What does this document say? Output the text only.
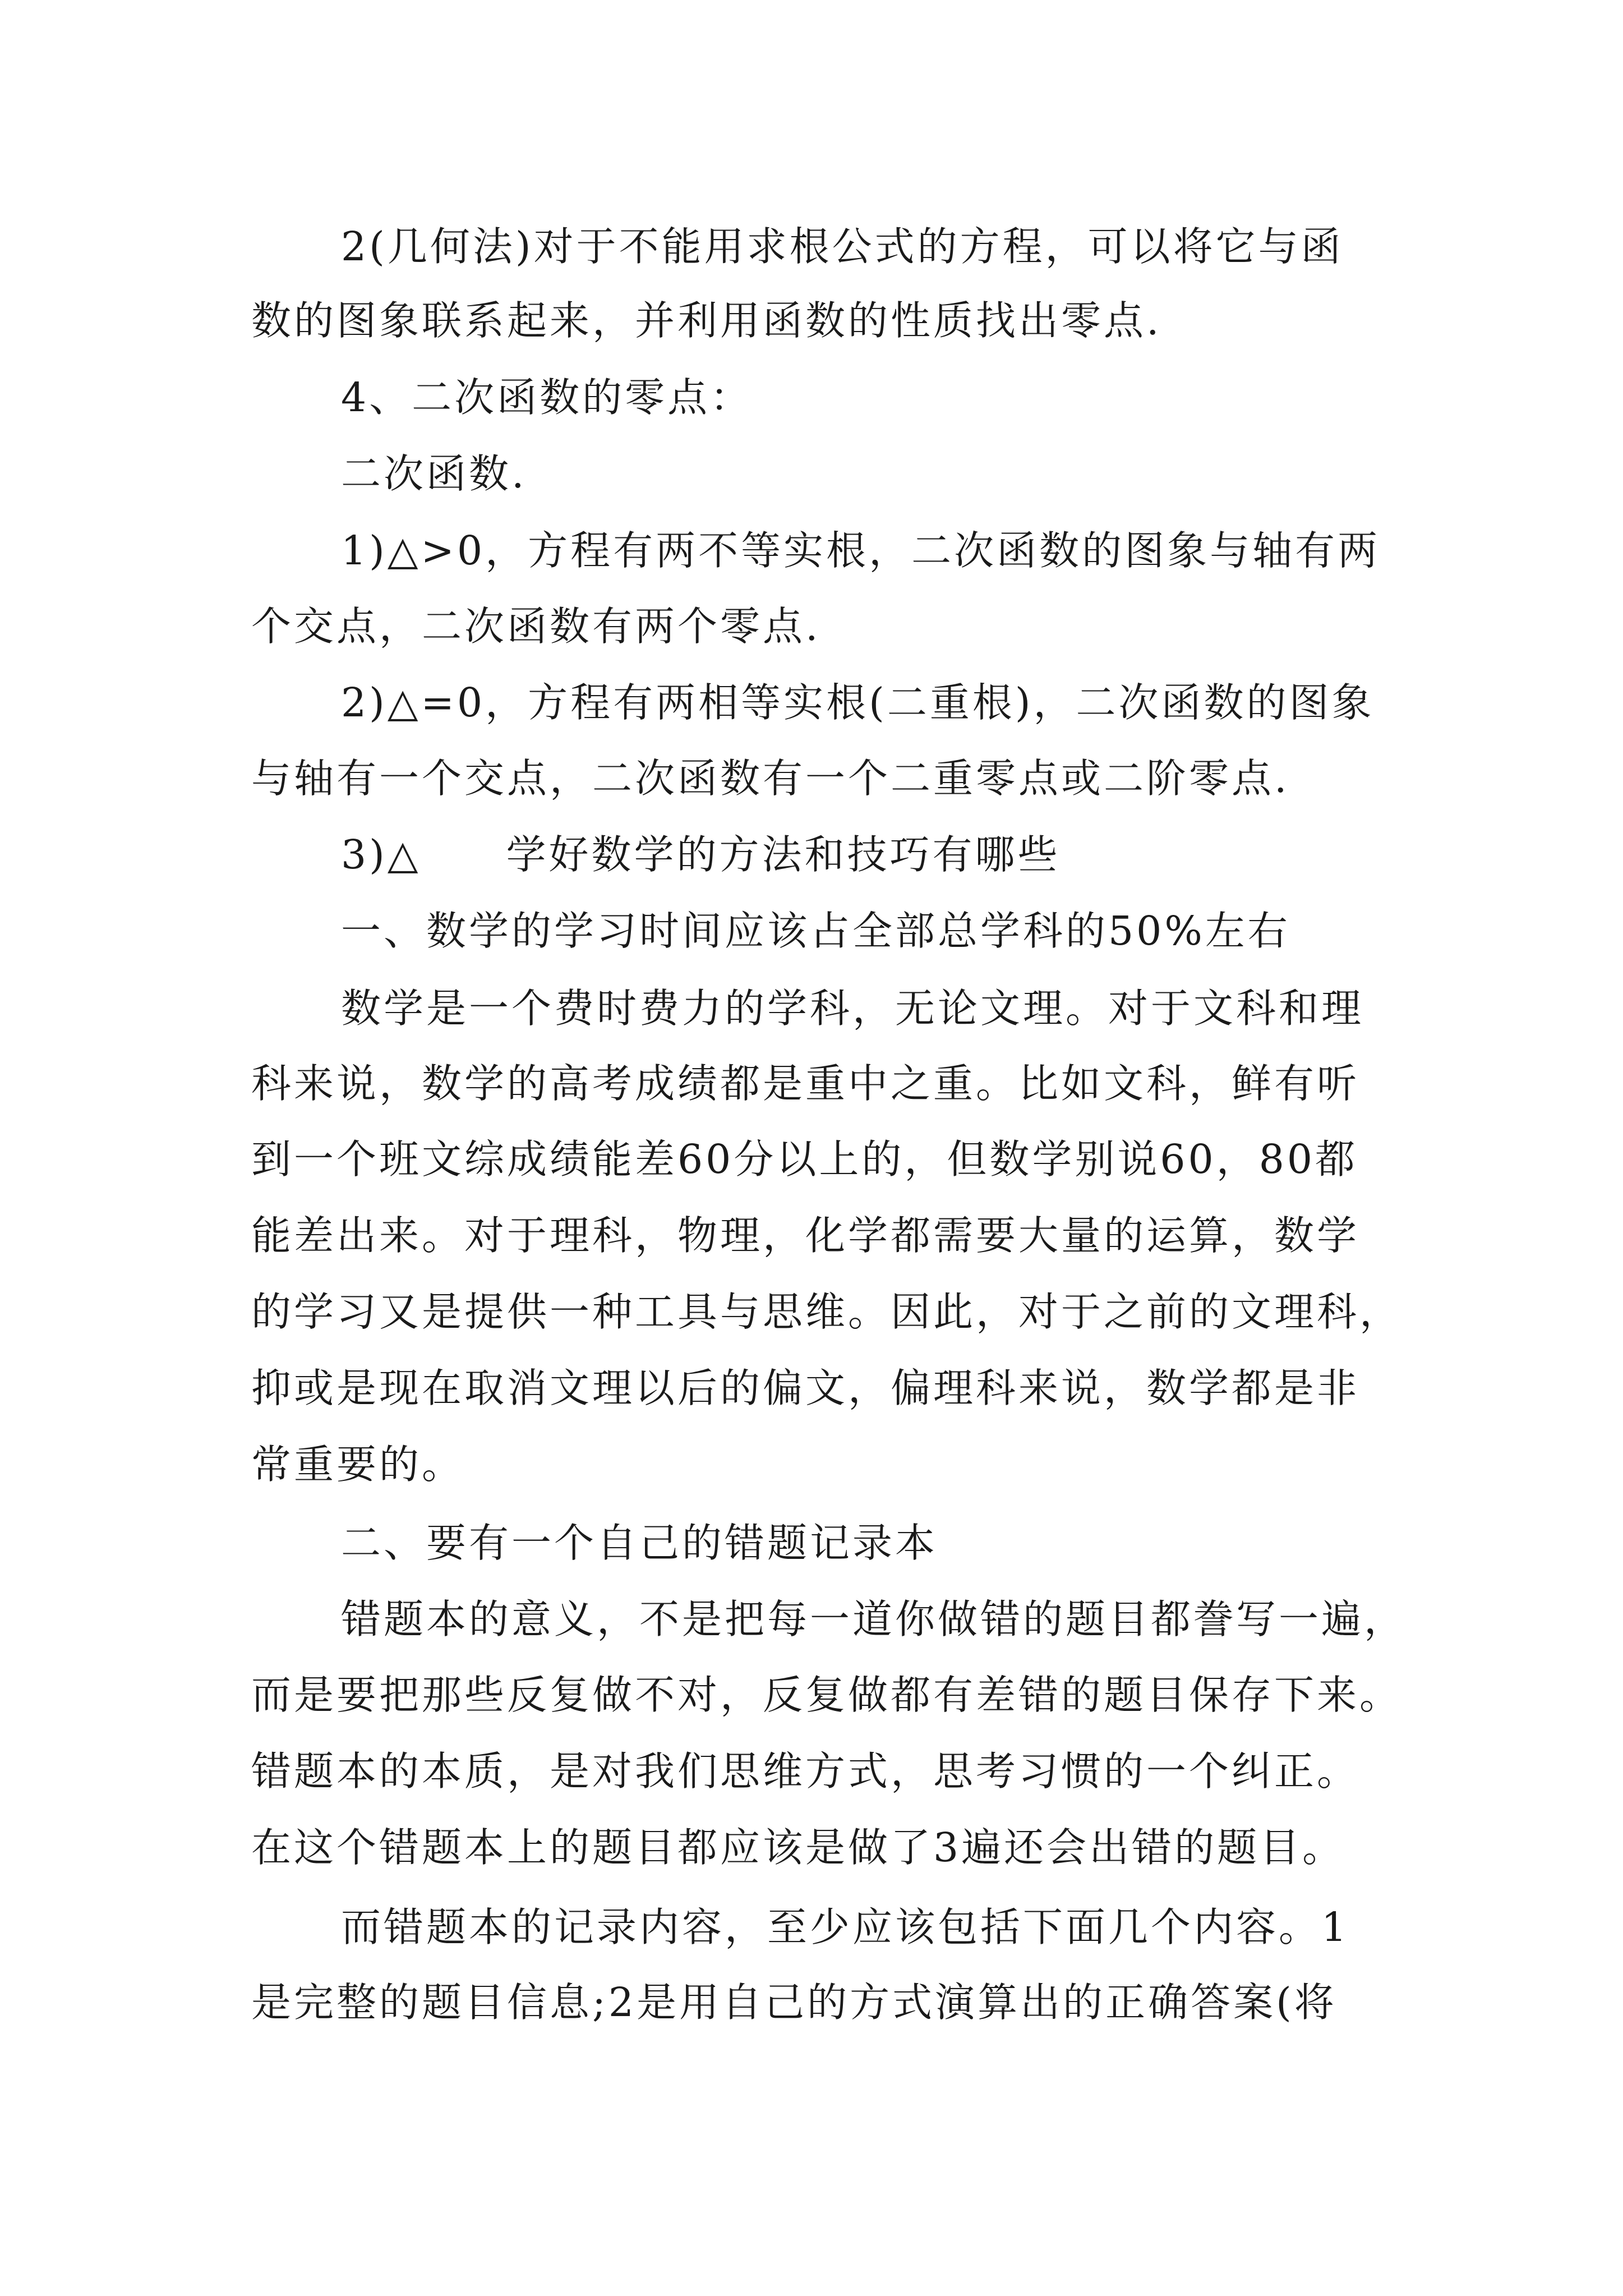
2(几何法)对于不能用求根公式的方程，可以将它与函

数的图象联系起来，并利用函数的性质找出零点.

4、二次函数的零点：

二次函数.

1)△>0，方程有两不等实根，二次函数的图象与轴有两

个交点，二次函数有两个零点.

2)△=0，方程有两相等实根(二重根)，二次函数的图象

与轴有一个交点，二次函数有一个二重零点或二阶零点.

3)△　　学好数学的方法和技巧有哪些

一、数学的学习时间应该占全部总学科的50%左右

数学是一个费时费力的学科，无论文理。对于文科和理

科来说，数学的高考成绩都是重中之重。比如文科，鲜有听

到一个班文综成绩能差60分以上的，但数学别说60，80都

能差出来。对于理科，物理，化学都需要大量的运算，数学

的学习又是提供一种工具与思维。因此，对于之前的文理科，

抑或是现在取消文理以后的偏文，偏理科来说，数学都是非

常重要的。

二、要有一个自己的错题记录本

错题本的意义，不是把每一道你做错的题目都誊写一遍，

而是要把那些反复做不对，反复做都有差错的题目保存下来。

错题本的本质，是对我们思维方式，思考习惯的一个纠正。

在这个错题本上的题目都应该是做了3遍还会出错的题目。

而错题本的记录内容，至少应该包括下面几个内容。1

是完整的题目信息;2是用自己的方式演算出的正确答案(将
